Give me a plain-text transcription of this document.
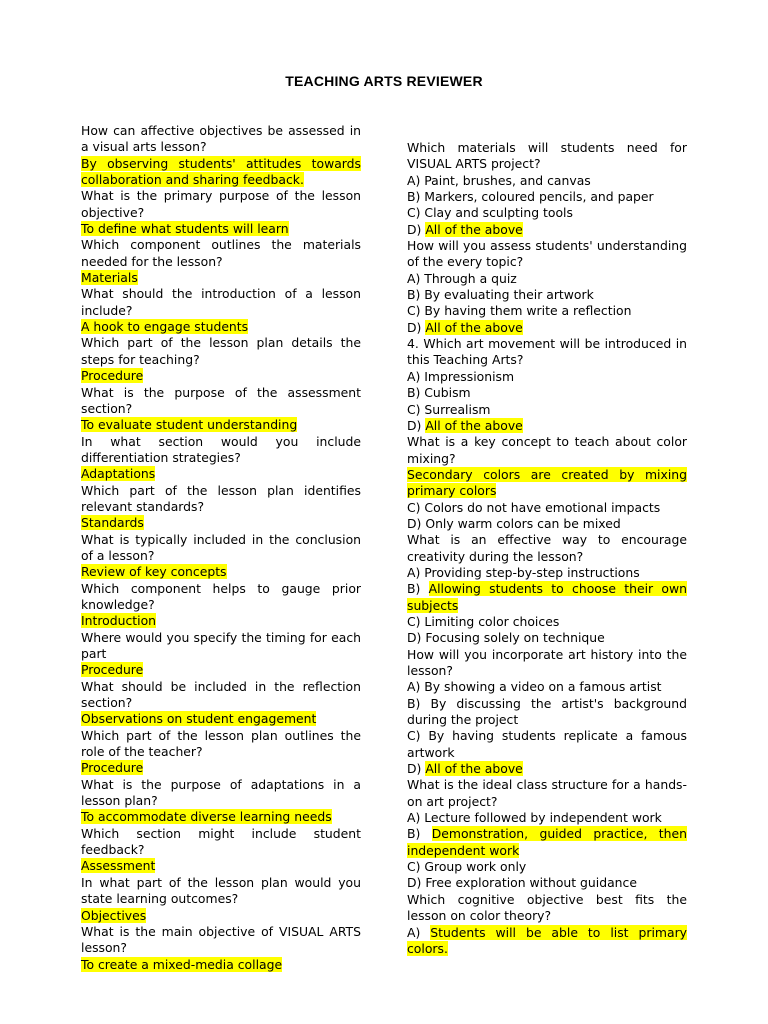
TEACHING ARTS REVIEWER

How can affective objectives be assessed in a visual arts lesson?

By observing students' attitudes towards collaboration and sharing feedback.

What is the primary purpose of the lesson objective?

To define what students will learn

Which component outlines the materials needed for the lesson?

Materials

What should the introduction of a lesson include?

A hook to engage students

Which part of the lesson plan details the steps for teaching?

Procedure

What is the purpose of the assessment section?

To evaluate student understanding

In what section would you include differentiation strategies?

Adaptations

Which part of the lesson plan identifies relevant standards?

Standards

What is typically included in the conclusion of a lesson?

Review of key concepts

Which component helps to gauge prior knowledge?

Introduction

Where would you specify the timing for each part

Procedure

What should be included in the reflection section?

Observations on student engagement

Which part of the lesson plan outlines the role of the teacher?

Procedure

What is the purpose of adaptations in a lesson plan?

To accommodate diverse learning needs

Which section might include student feedback?

Assessment

In what part of the lesson plan would you state learning outcomes?

Objectives

What is the main objective of VISUAL ARTS lesson?

To create a mixed-media collage

Which materials will students need for VISUAL ARTS project?

A) Paint, brushes, and canvas

B) Markers, coloured pencils, and paper

C) Clay and sculpting tools

D) All of the above

How will you assess students' understanding of the every topic?

A) Through a quiz

B) By evaluating their artwork

C) By having them write a reflection

D) All of the above

4. Which art movement will be introduced in this Teaching Arts?

A) Impressionism

B) Cubism

C) Surrealism

D) All of the above

What is a key concept to teach about color mixing?

Secondary colors are created by mixing primary colors

C) Colors do not have emotional impacts

D) Only warm colors can be mixed

What is an effective way to encourage creativity during the lesson?

A) Providing step-by-step instructions

B) Allowing students to choose their own subjects

C) Limiting color choices

D) Focusing solely on technique

How will you incorporate art history into the lesson?

A) By showing a video on a famous artist

B) By discussing the artist's background during the project

C) By having students replicate a famous artwork

D) All of the above

What is the ideal class structure for a hands-on art project?

A) Lecture followed by independent work

B) Demonstration, guided practice, then independent work

C) Group work only

D) Free exploration without guidance

Which cognitive objective best fits the lesson on color theory?

A) Students will be able to list primary colors.
